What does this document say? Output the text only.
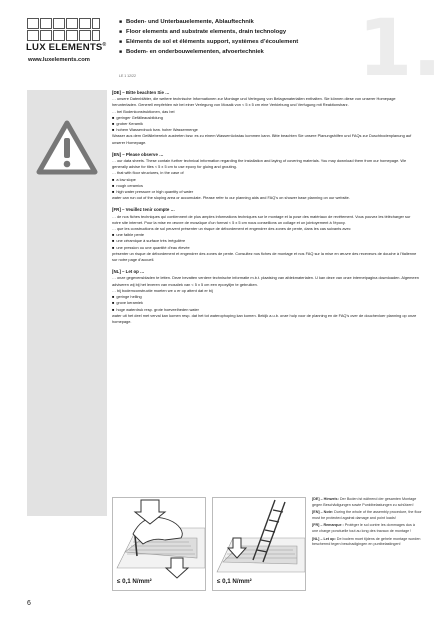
LUX ELEMENTS®
www.luxelements.com
■ Boden- und Unterbauelemente, Ablauftechnik
■ Floor elements and substrate elements, drain technology
■ Eléments de sol et éléments support, systèmes d’écoulement
■ Bodem- en onderbouwelementen, afvoertechniek
LE 1 12/22	1.

[DE] – Bitte beachten Sie …

… unsere Datenblätter, die weitere technische Informationen zur Montage und Verlegung von Belagsmaterialien enthalten. Sie können diese von unserer Homepage herunterladen. Generell empfehlen wir bei einer Verlegung von Mosaik von < 5 x 5 cm eine Verklebung und Verfugung mit Reaktionsharz.

… bei Bodenkonstruktionen, das bei

■ geringer Gefälleausbildung

■ grober Keramik

■ hohem Wasserdruck bzw. hoher Wassermenge

Wasser aus dem Gefällebereich austreten bzw. es zu einem Wasserrückstau kommen kann. Bitte beachten Sie unsere Planungshilfen und FAQs zur Duschbodenplanung auf unserer Homepage.

[EN] – Please observe …

… our data sheets. These contain further technical information regarding the installation and laying of covering materials. You may download them from our homepage. We generally advise for tiles < 5 x 5 cm to use epoxy for gluing and grouting.

… that with floor structures, in the case of

■ a low slope

■ rough ceramics

■ high water pressure or high quantity of water

water can run out of the sloping area or accumulate. Please refer to our planning aids and FAQ’s on shower base planning on our website.

[FR] – Veuillez tenir compte …

… de nos fiches techniques qui contiennent de plus amples informations techniques sur le montage et la pose des matériaux de revêtement. Vous pouvez les télécharger sur notre site internet. Pour la mise en œuvre de mosaïque d’un format < 5 x 5 cm nous conseillons un collage et un jointoyement à l’époxy.

… que les constructions de sol peuvent présenter un risque de débordement et engendrer des zones de pente, dans les cas suivants avec

■ une faible pente

■ une céramique à surface très irrégulière

■ une pression ou une quantité d’eau élevée

présenter un risque de débordement et engendrer des zones de pente. Consultez nos fiches de montage et nos FAQ sur la mise en œuvre des receveurs de douche à l’italienne sur notre page d’accueil.

[NL] – Let op …

… onze gegevensbladen te letten. Deze bevatten verdere technische informatie m.b.t. plaatsing van afdekmaterialen. U kan deze van onze internetpagina downloaden. Algemeen adviseren wij bij het leveren van mosaïek van < 5 x 5 cm een epoxylijm te gebruiken.

… bij bodemconstructie moeten we u er op attent dat er bij

■ geringe helling

■ grove keramiek

■ hoge waterdruk resp. grote hoeveelheden water

water uit het deel met verval kan komen resp. dat het tot waterophoping kan komen. Bekijk a.u.b. onze hulp voor de planning en de FAQ’s over de douchevloer planning op onze homepage.

≤ 0,1 N/mm²	≤ 0,1 N/mm²

[DE] – Hinweis: Der Boden ist während der gesamten Montage gegen Beschädigungen sowie Punktbelastungen zu schützen!

[EN] – Note: During the whole of the assembly procedure, the floor must be protected against damage and point loads!

[FR] – Remarque : Protéger le sol contre les dommages dus à une charge ponctuelle tout au long des travaux de montage !

[NL] – Let op: De bodem moet tijdens de gehele montage worden beschermd tegen beschadigingen en puntbelastingen!

6
